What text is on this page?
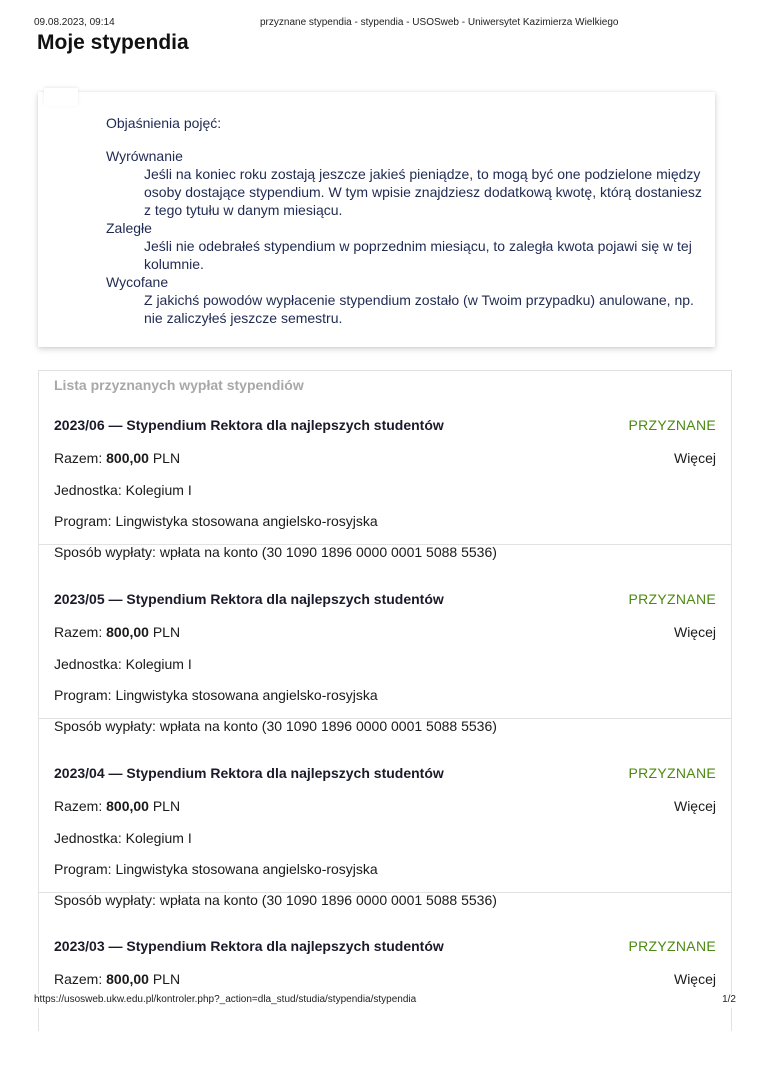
09.08.2023, 09:14	przyznane stypendia - stypendia - USOSweb - Uniwersytet Kazimierza Wielkiego
Moje stypendia

Objaśnienia pojęć:

Wyrównanie

Jeśli na koniec roku zostają jeszcze jakieś pieniądze, to mogą być one podzielone między osoby dostające stypendium. W tym wpisie znajdziesz dodatkową kwotę, którą dostaniesz z tego tytułu w danym miesiącu.

Zaległe

Jeśli nie odebrałeś stypendium w poprzednim miesiącu, to zaległa kwota pojawi się w tej kolumnie.

Wycofane

Z jakichś powodów wypłacenie stypendium zostało (w Twoim przypadku) anulowane, np. nie zaliczyłeś jeszcze semestru.

Lista przyznanych wypłat stypendiów
2023/06 — Stypendium Rektora dla najlepszych studentów	PRZYZNANE
Razem: 800,00 PLN	Więcej
Jednostka: Kolegium I
Program: Lingwistyka stosowana angielsko-rosyjska
Sposób wypłaty: wpłata na konto (30 1090 1896 0000 0001 5088 5536)
2023/05 — Stypendium Rektora dla najlepszych studentów	PRZYZNANE
Razem: 800,00 PLN	Więcej
Jednostka: Kolegium I
Program: Lingwistyka stosowana angielsko-rosyjska
Sposób wypłaty: wpłata na konto (30 1090 1896 0000 0001 5088 5536)
2023/04 — Stypendium Rektora dla najlepszych studentów	PRZYZNANE
Razem: 800,00 PLN	Więcej
Jednostka: Kolegium I
Program: Lingwistyka stosowana angielsko-rosyjska
Sposób wypłaty: wpłata na konto (30 1090 1896 0000 0001 5088 5536)
2023/03 — Stypendium Rektora dla najlepszych studentów	PRZYZNANE
Razem: 800,00 PLN	Więcej
https://usosweb.ukw.edu.pl/kontroler.php?_action=dla_stud/studia/stypendia/stypendia	1/2
